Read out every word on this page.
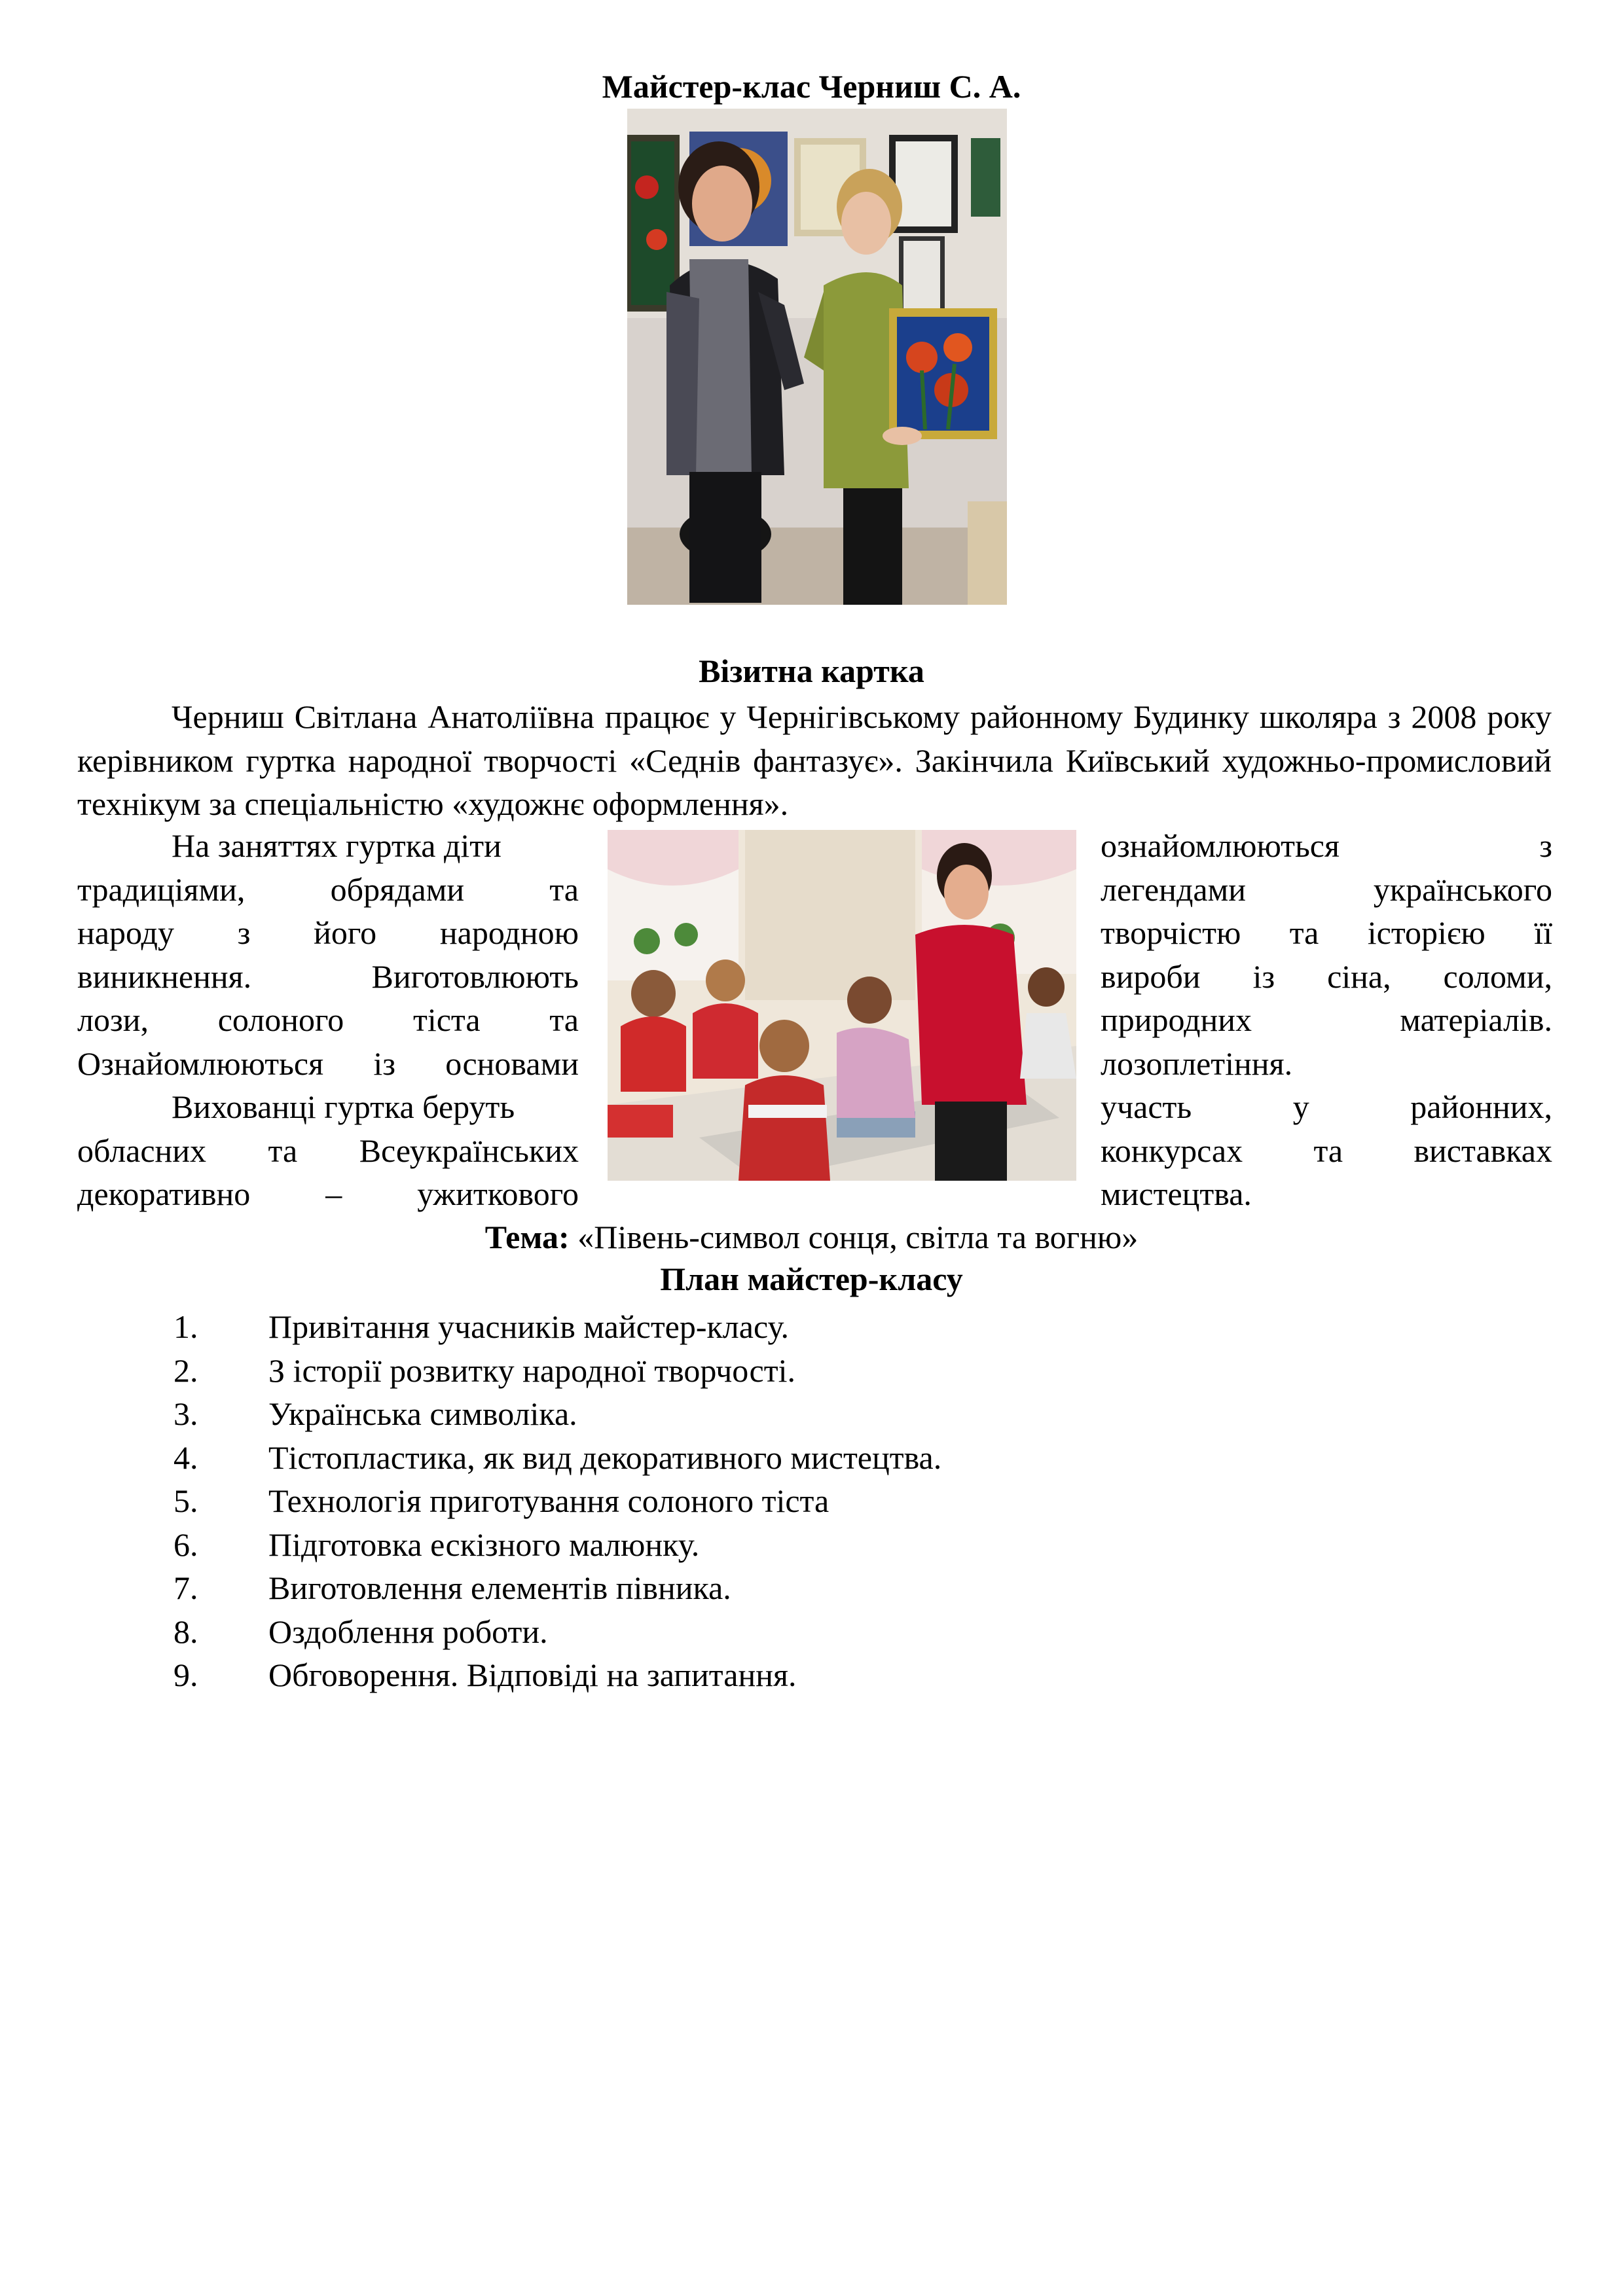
Майстер-клас Черниш С. А.
Візитна картка

Черниш Світлана Анатоліївна працює у Чернігівському районному Будинку школяра з 2008 року керівником гуртка народної творчості «Седнів фантазує». Закінчила Київський художньо-промисловий технікум за спеціальністю «художнє оформлення».

На заняттях гуртка діти
традиціями,	обрядами	та
народу з його народною
виникнення.	Виготовлюють
лози, солоного тіста та
Ознайомлюються із основами
Вихованці гуртка беруть
обласних та Всеукраїнських
декоративно – ужиткового
ознайомлюються	з
легендами	українського
творчістю та історією її
вироби із сіна, соломи,
природних	матеріалів.
лозоплетіння.
участь	у	районних,
конкурсах та виставках
мистецтва.
Тема: «Півень-символ сонця, світла та вогню»
План майстер-класу
1.	Привітання учасників майстер-класу.
2.	З історії розвитку народної творчості.
3.	Українська символіка.
4.	Тістопластика, як вид декоративного мистецтва.
5.	Технологія приготування солоного тіста
6.	Підготовка ескізного малюнку.
7.	Виготовлення елементів півника.
8.	Оздоблення роботи.
9.	Обговорення. Відповіді на запитання.
